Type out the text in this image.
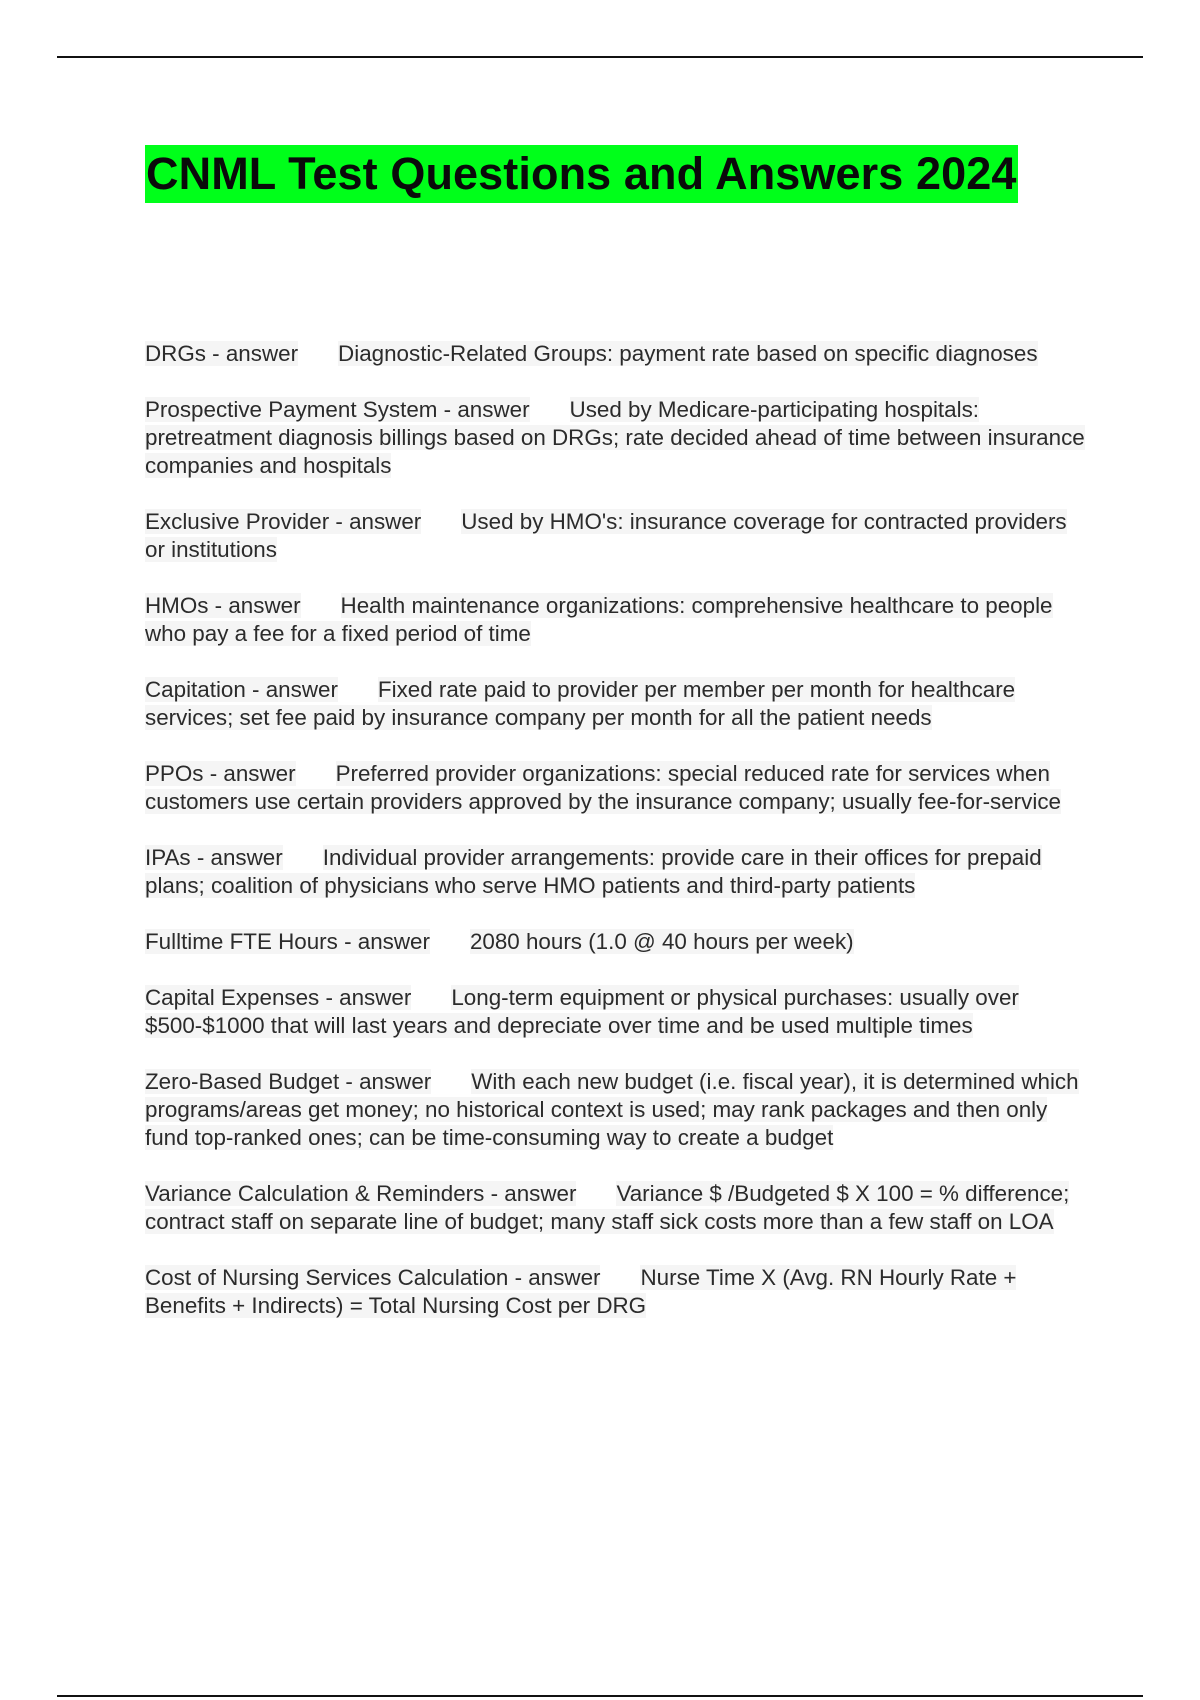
CNML Test Questions and Answers 2024
DRGs - answer Diagnostic-Related Groups: payment rate based on specific diagnoses
Prospective Payment System - answer Used by Medicare-participating hospitals: pretreatment diagnosis billings based on DRGs; rate decided ahead of time between insurance companies and hospitals
Exclusive Provider - answer Used by HMO's: insurance coverage for contracted providers or institutions
HMOs - answer Health maintenance organizations: comprehensive healthcare to people who pay a fee for a fixed period of time
Capitation - answer Fixed rate paid to provider per member per month for healthcare services; set fee paid by insurance company per month for all the patient needs
PPOs - answer Preferred provider organizations: special reduced rate for services when customers use certain providers approved by the insurance company; usually fee-for-service
IPAs - answer Individual provider arrangements: provide care in their offices for prepaid plans; coalition of physicians who serve HMO patients and third-party patients
Fulltime FTE Hours - answer 2080 hours (1.0 @ 40 hours per week)
Capital Expenses - answer Long-term equipment or physical purchases: usually over $500-$1000 that will last years and depreciate over time and be used multiple times
Zero-Based Budget - answer With each new budget (i.e. fiscal year), it is determined which programs/areas get money; no historical context is used; may rank packages and then only fund top-ranked ones; can be time-consuming way to create a budget
Variance Calculation & Reminders - answer Variance $ /Budgeted $ X 100 = % difference; contract staff on separate line of budget; many staff sick costs more than a few staff on LOA
Cost of Nursing Services Calculation - answer Nurse Time X (Avg. RN Hourly Rate + Benefits + Indirects) = Total Nursing Cost per DRG
